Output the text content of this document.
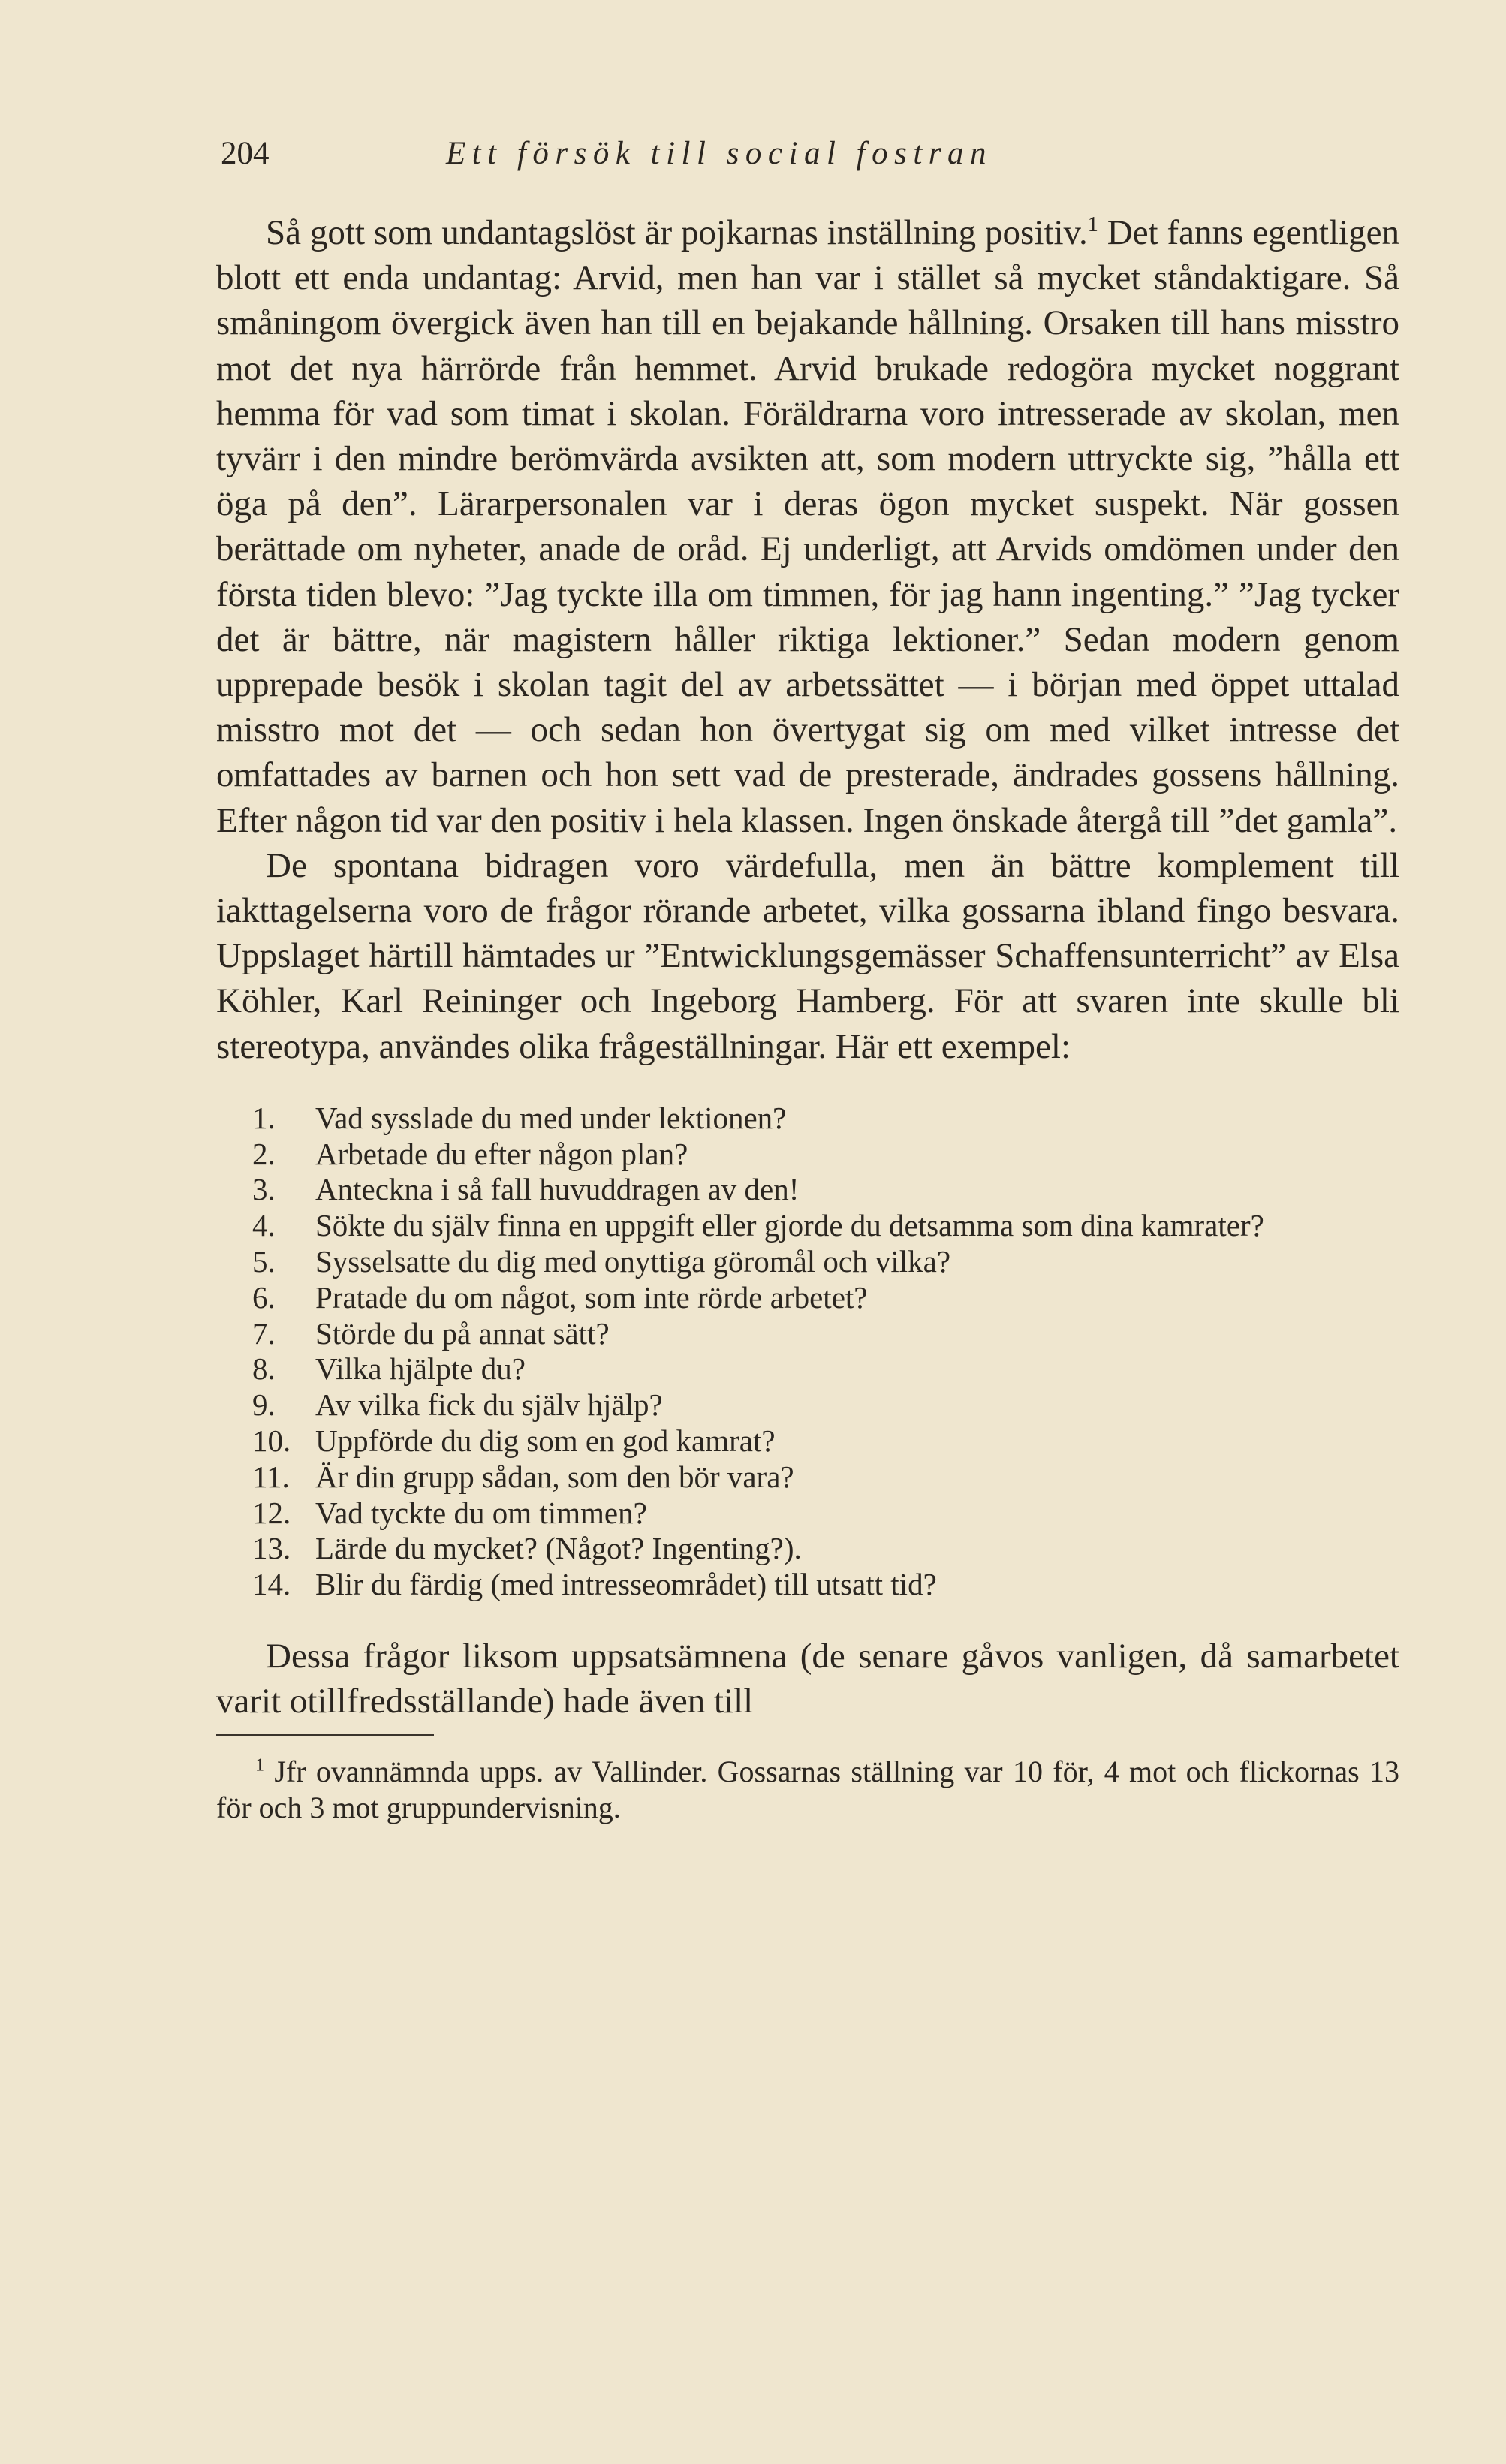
204	Ett försök till social fostran

Så gott som undantagslöst är pojkarnas inställning positiv.$^1$ Det fanns egentligen blott ett enda undantag: Arvid, men han var i stället så mycket ståndaktigare. Så småningom övergick även han till en bejakande hållning. Orsaken till hans misstro mot det nya härrörde från hemmet. Arvid brukade redogöra mycket noggrant hemma för vad som timat i skolan. Föräldrarna voro intresserade av skolan, men tyvärr i den mindre berömvärda avsikten att, som modern uttryckte sig, ”hålla ett öga på den”. Lärarpersonalen var i deras ögon mycket suspekt. När gossen berättade om nyheter, anade de oråd. Ej underligt, att Arvids omdömen under den första tiden blevo: ”Jag tyckte illa om timmen, för jag hann ingenting.” ”Jag tycker det är bättre, när magistern håller riktiga lektioner.” Sedan modern genom upprepade besök i skolan tagit del av arbetssättet — i början med öppet uttalad misstro mot det — och sedan hon övertygat sig om med vilket intresse det omfattades av barnen och hon sett vad de presterade, ändrades gossens hållning. Efter någon tid var den positiv i hela klassen. Ingen önskade återgå till ”det gamla”.

De spontana bidragen voro värdefulla, men än bättre komplement till iakttagelserna voro de frågor rörande arbetet, vilka gossarna ibland fingo besvara. Uppslaget härtill hämtades ur ”Entwicklungsgemässer Schaffensunterricht” av Elsa Köhler, Karl Reininger och Ingeborg Hamberg. För att svaren inte skulle bli stereotypa, användes olika frågeställningar. Här ett exempel:

1.	Vad sysslade du med under lektionen?
2.	Arbetade du efter någon plan?
3.	Anteckna i så fall huvuddragen av den!
4.	Sökte du själv finna en uppgift eller gjorde du detsamma som dina kamrater?
5.	Sysselsatte du dig med onyttiga göromål och vilka?
6.	Pratade du om något, som inte rörde arbetet?
7.	Störde du på annat sätt?
8.	Vilka hjälpte du?
9.	Av vilka fick du själv hjälp?
10. Uppförde du dig som en god kamrat?
11. Är din grupp sådan, som den bör vara?
12. Vad tyckte du om timmen?
13. Lärde du mycket? (Något? Ingenting?).
14. Blir du färdig (med intresseområdet) till utsatt tid?

Dessa frågor liksom uppsatsämnena (de senare gåvos vanligen, då samarbetet varit otillfredsställande) hade även till

$^1$ Jfr ovannämnda upps. av Vallinder. Gossarnas ställning var 10 för, 4 mot och flickornas 13 för och 3 mot gruppundervisning.
